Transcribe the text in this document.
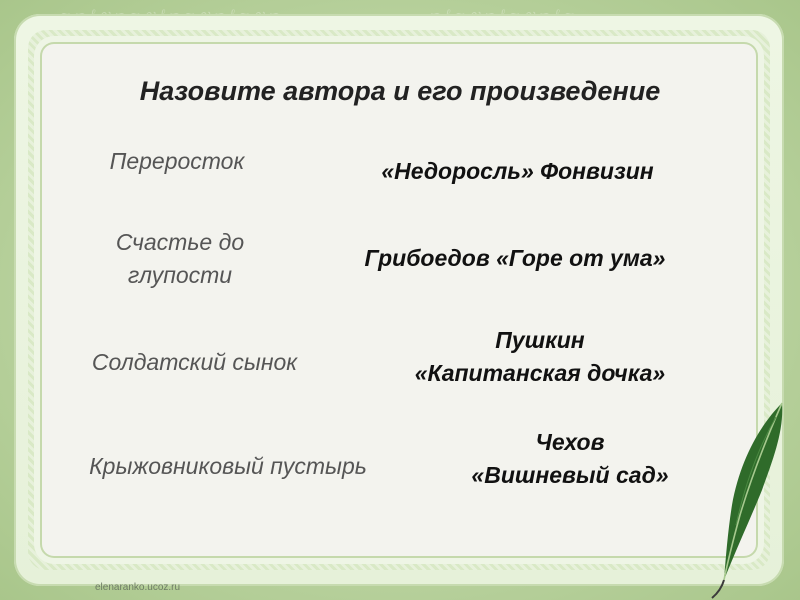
Назовите автора и его произведение
Переросток	«Недоросль» Фонвизин
Счастье до
глупости
Грибоедов «Горе от ума»
Солдатский сынок
Пушкин
«Капитанская дочка»
Крыжовниковый пустырь
Чехов
«Вишневый сад»
elenaranko.ucoz.ru
